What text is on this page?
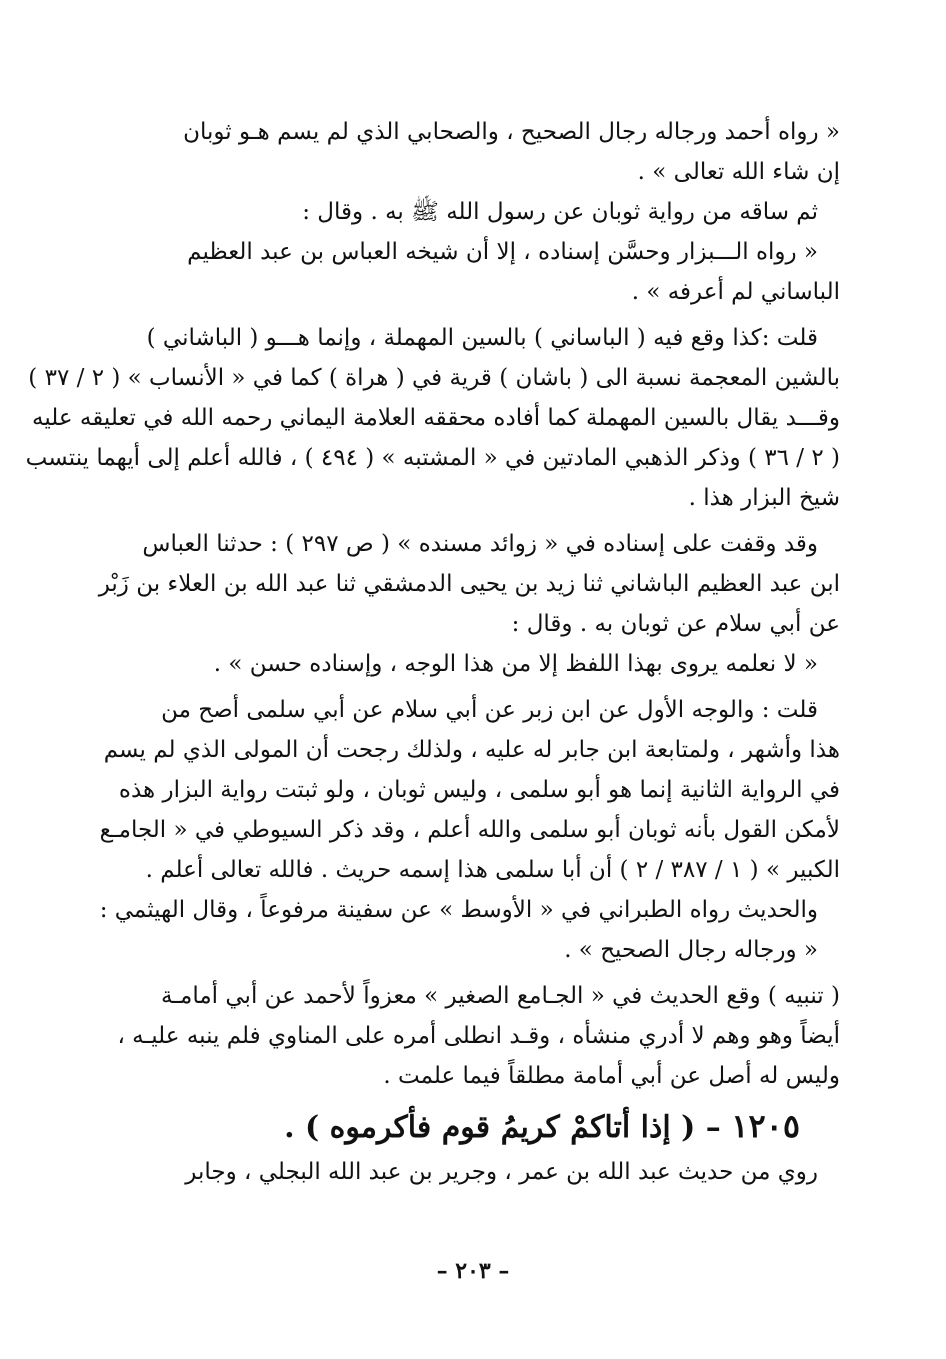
« رواه أحمد ورجاله رجال الصحيح ، والصحابي الذي لم يسم هـو ثوبان
إن شاء الله تعالى » .
ثم ساقه من رواية ثوبان عن رسول الله ﷺ به . وقال :
« رواه الـــبزار وحسَّن إسناده ، إلا أن شيخه العباس بن عبد العظيم
الباساني لم أعرفه » .
قلت :كذا وقع فيه ( الباساني ) بالسين المهملة ، وإنما هـــو ( الباشاني )
بالشين المعجمة نسبة الى ( باشان ) قرية في ( هراة ) كما في « الأنساب » ( ٢ / ٣٧ )
وقـــد يقال بالسين المهملة كما أفاده محققه العلامة اليماني رحمه الله في تعليقه عليه
( ٢ / ٣٦ ) وذكر الذهبي المادتين في « المشتبه » ( ٤٩٤ ) ، فالله أعلم إلى أيهما ينتسب
شيخ البزار هذا .
وقد وقفت على إسناده في « زوائد مسنده » ( ص ٢٩٧ ) : حدثنا العباس
ابن عبد العظيم الباشاني ثنا زيد بن يحيى الدمشقي ثنا عبد الله بن العلاء بن زَبْر
عن أبي سلام عن ثوبان به . وقال :
« لا نعلمه يروى بهذا اللفظ إلا من هذا الوجه ، وإسناده حسن » .
قلت : والوجه الأول عن ابن زبر عن أبي سلام عن أبي سلمى أصح من
هذا وأشهر ، ولمتابعة ابن جابر له عليه ، ولذلك رجحت أن المولى الذي لم يسم
في الرواية الثانية إنما هو أبو سلمى ، وليس ثوبان ، ولو ثبتت رواية البزار هذه
لأمكن القول بأنه ثوبان أبو سلمى والله أعلم ، وقد ذكر السيوطي في « الجامـع
الكبير » ( ١ / ٣٨٧ / ٢ ) أن أبا سلمى هذا إسمه حريث . فالله تعالى أعلم .
والحديث رواه الطبراني في « الأوسط » عن سفينة مرفوعاً ، وقال الهيثمي :
« ورجاله رجال الصحيح » .
( تنبيه ) وقع الحديث في « الجـامع الصغير » معزواً لأحمد عن أبي أمامـة
أيضاً وهو وهم لا أدري منشأه ، وقـد انطلى أمره على المناوي فلم ينبه عليـه ،
وليس له أصل عن أبي أمامة مطلقاً فيما علمت .
١٢٠٥ – ( إذا أتاكمْ كريمُ قوم فأكرموه ) .
روي من حديث عبد الله بن عمر ، وجرير بن عبد الله البجلي ، وجابر
– ٢٠٣ –
